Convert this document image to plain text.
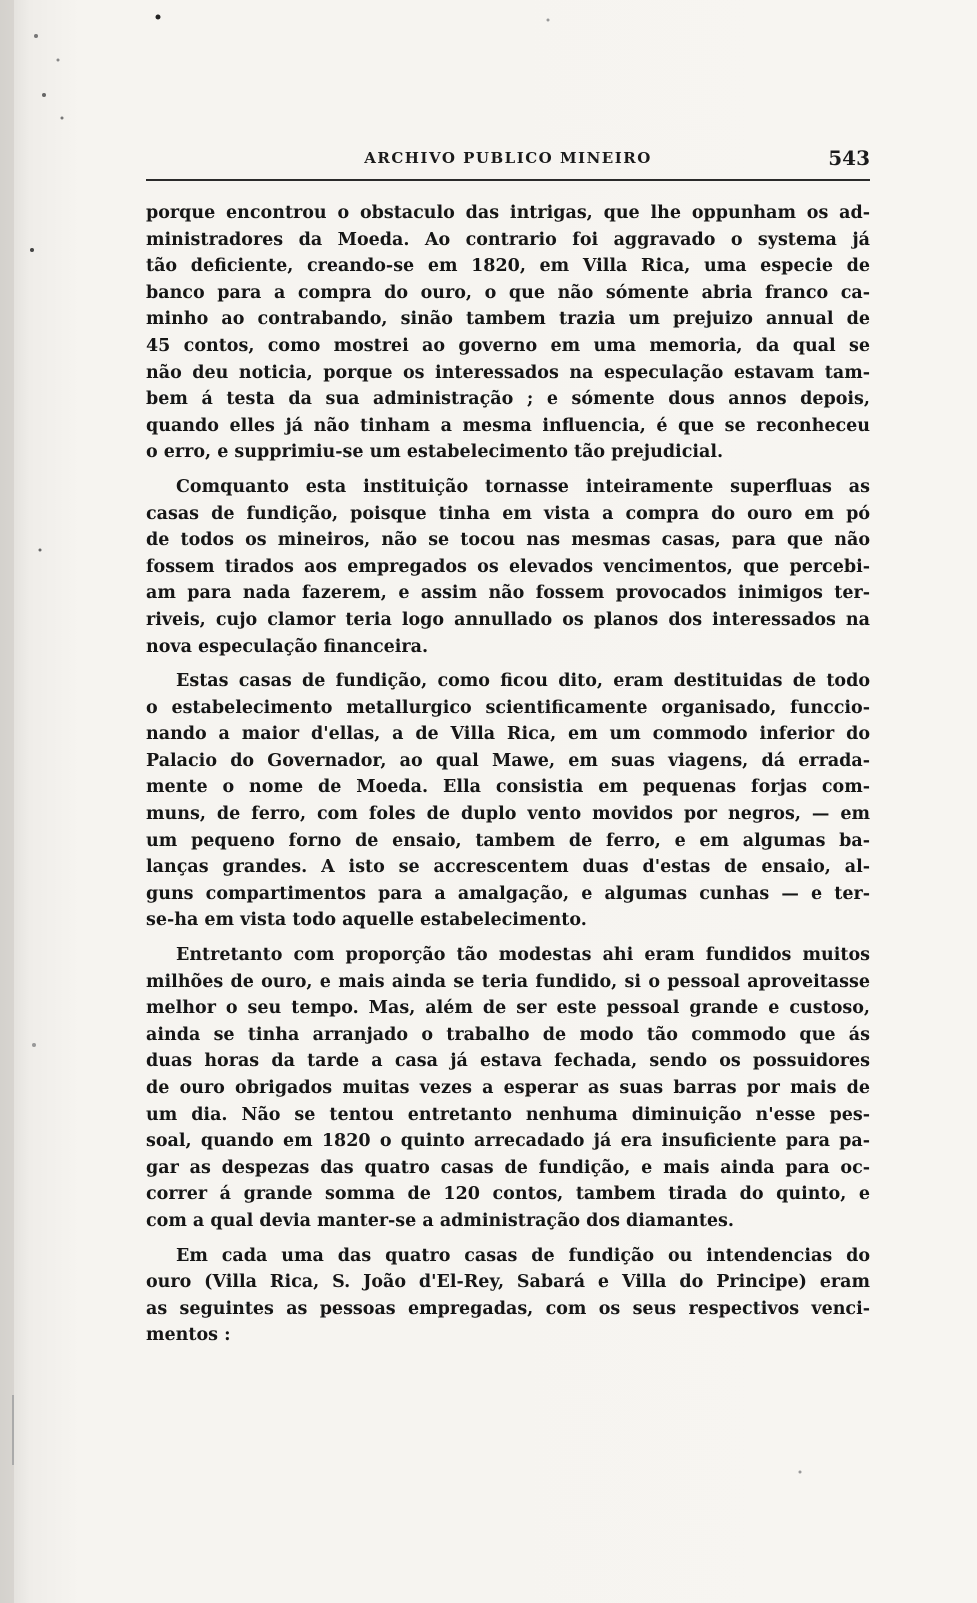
ARCHIVO PUBLICO MINEIRO	543
porque encontrou o obstaculo das intrigas, que lhe oppunham os ad-
ministradores da Moeda. Ao contrario foi aggravado o systema já
tão deficiente, creando-se em 1820, em Villa Rica, uma especie de
banco para a compra do ouro, o que não sómente abria franco ca-
minho ao contrabando, sinão tambem trazia um prejuizo annual de
45 contos, como mostrei ao governo em uma memoria, da qual se
não deu noticia, porque os interessados na especulação estavam tam-
bem á testa da sua administração ; e sómente dous annos depois,
quando elles já não tinham a mesma influencia, é que se reconheceu
o erro, e supprimiu-se um estabelecimento tão prejudicial.
Comquanto esta instituição tornasse inteiramente superfluas as
casas de fundição, poisque tinha em vista a compra do ouro em pó
de todos os mineiros, não se tocou nas mesmas casas, para que não
fossem tirados aos empregados os elevados vencimentos, que percebi-
am para nada fazerem, e assim não fossem provocados inimigos ter-
riveis, cujo clamor teria logo annullado os planos dos interessados na
nova especulação financeira.
Estas casas de fundição, como ficou dito, eram destituidas de todo
o estabelecimento metallurgico scientificamente organisado, funccio-
nando a maior d'ellas, a de Villa Rica, em um commodo inferior do
Palacio do Governador, ao qual Mawe, em suas viagens, dá errada-
mente o nome de Moeda. Ella consistia em pequenas forjas com-
muns, de ferro, com foles de duplo vento movidos por negros, — em
um pequeno forno de ensaio, tambem de ferro, e em algumas ba-
lanças grandes. A isto se accrescentem duas d'estas de ensaio, al-
guns compartimentos para a amalgação, e algumas cunhas — e ter-
se-ha em vista todo aquelle estabelecimento.
Entretanto com proporção tão modestas ahi eram fundidos muitos
milhões de ouro, e mais ainda se teria fundido, si o pessoal aproveitasse
melhor o seu tempo. Mas, além de ser este pessoal grande e custoso,
ainda se tinha arranjado o trabalho de modo tão commodo que ás
duas horas da tarde a casa já estava fechada, sendo os possuidores
de ouro obrigados muitas vezes a esperar as suas barras por mais de
um dia. Não se tentou entretanto nenhuma diminuição n'esse pes-
soal, quando em 1820 o quinto arrecadado já era insuficiente para pa-
gar as despezas das quatro casas de fundição, e mais ainda para oc-
correr á grande somma de 120 contos, tambem tirada do quinto, e
com a qual devia manter-se a administração dos diamantes.
Em cada uma das quatro casas de fundição ou intendencias do
ouro (Villa Rica, S. João d'El-Rey, Sabará e Villa do Principe) eram
as seguintes as pessoas empregadas, com os seus respectivos venci-
mentos :
